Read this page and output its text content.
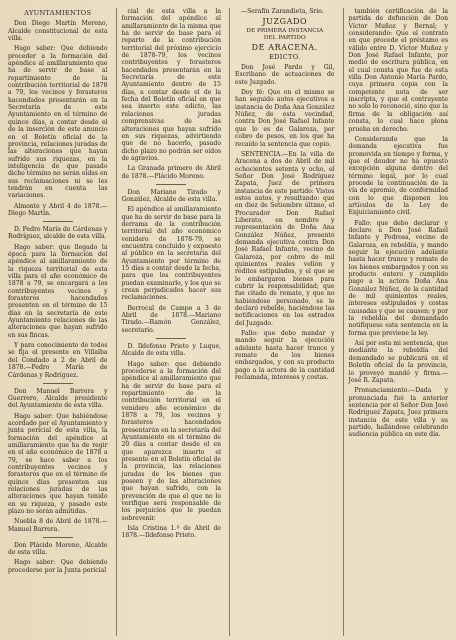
AYUNTAMIENTOS

Don Diego Martín Moreno, Alcalde constitucional de esta villa.

Hago saber: Que debiendo proceder a la formación del apéndice al amillaramiento que ha de servir de base al repartimiento de la contribución territorial de 1878 a 79, los vecinos y forasteros hacendados presentarán en la Secretaría de este Ayuntamiento en el término de quince días, a contar desde el de la inserción de este anuncio en el Boletín oficial de la provincia, relaciones juradas de las alteraciones que hayan sufrido sus riquezas, en la inteligencia de que pasado dicho término no serán oídas en sus reclamaciones ni se les tendrán en cuenta las variaciones.

Almonte y Abril 4 de 1878.— Diego Martín.

D. Pedro María de Cárdenas y Rodríguez, alcalde de esta villa.

Hago saber: que llegado la época para la formación del apéndice al amillaramiento de la riqueza territorial de esta villa para el año económico de 1878 a 79, se encargará a los contribuyentes vecinos y forasteros hacendados presenten en el término de 15 días en la secretaría de este Ayuntamiento relaciones de las alteraciones que hayan sufrido en sus fincas.

Y para conocimiento de todos se fija el presente en Villalba del Condado a 2 de Abril de 1878.—Pedro María de Cárdenas y Rodríguez.

Don Manuel Barrera y Guerrero, Alcalde presidente del Ayuntamiento de esta villa.

Hago saber: Que habiéndose acordado por el Ayuntamiento y junta pericial de esta villa, la formación del apéndice al amillaramiento que ha de regir en el año económico de 1878 a 79, se hace saber a los contribuyentes vecinos y forasteros que en el término de quince días presenten sus relaciones juradas de las alteraciones que hayan tenido en su riqueza, y pasado este plazo no serán admitidas.

Nuebla 8 de Abril de 1878.—Manuel Barrera.

Don Plácido Moreno, Alcalde de esta villa.

Hago saber: Que debiendo procederse por la Junta pericial

cial de esta villa a la formación del apéndice al amillaramiento de la misma que ha de servir de base para el reparto de la contribución territorial del próximo ejercicio de 1878-79, los vecinos contribuyentes y forasteros hacendados presentarán en la Secretaría de este Ayuntamiento dentro de 15 días, a contar desde el de la fecha del Boletín oficial en que sea inserto este edicto, las relaciones juradas comprensivas de las alteraciones que hayan sufrido en sus riquezas, advirtiendo que de no hacerlo, pasado dicho plazo no podrán ser oídos de agravios.

La Granada primero de Abril de 1878.—Plácido Moreno.

Don Mariano Tirado y González, Alcalde de esta villa.

El apéndice al amillaramiento que ha de servir de base para la derrama de la contribución territorial del año económico venidero de 1878-79, se encuentra concluido y expuesto al público en la secretaría del Ayuntamiento por término de 15 días a contar desde la fecha, para que los contribuyentes puedan examinarlo, y los que se crean perjudicados hacer sus reclamaciones.

Berrocal de Campo a 3 de Abril de 1878.—Mariano Tirado.—Ramón González, secretario.

D. Ildefonso Prieto y Luque, Alcalde de esta villa.

Hago saber: que debiendo procederse a la formación del apéndice al amillaramiento que ha de servir de base para el repartimiento de la contribución territorial en el venidero año económico de 1878 a 79, los vecinos y forasteros hacendados presentarán en la secretaría del Ayuntamiento en el término de 20 días a contar desde el en que aparezca inserto el presente en el Boletín oficial de la provincia, las relaciones juradas de los bienes que poseen y de las alteraciones que hayan sufrido, con la prevención de que el que no lo verifique será responsable de los perjuicios que le puedan sobrevenir.

Isla Cristina 1.º de Abril de 1878.—Ildefonso Prieto.

—Serafín Zarandieta, Srio.

JUZGADO
DE PRIMERA INSTANCIA
DEL PARTIDO
DE ARACENA.
EDICTO.

Don José Pardo y Gil, Escribano de actuaciones de este Juzgado.

Doy fé: Que en el mismo se han seguido autos ejecutivos a instancia de Doña Ana González Núñez, de esta vecindad, contra Don José Rafael Infante que lo es de Galaroza, por cobro de pesos, en los que ha recaído la sentencia que copio.

SENTENCIA.—En la villa de Aracena a dos de Abril de mil ochocientos setenta y ocho, el Señor Don José Rodríguez Zapata, Juez de primera instancia de este partido: Vistos estos autos, y resultando: que en diez de Setiembre último, el Procurador Don Rafael Liberato, en nombre y representación de Doña Ana González Núñez, presentó demanda ejecutiva contra Don José Rafael Infante, vecino de Galaroza, por cobro de mil quinientos reales vellón y réditos estipulados, y el que se le embargaron bienes para cubrir la responsabilidad; que fue citado de remate, y que no habiéndose personado, se le declaró rebelde, haciéndose las notificaciones en los estrados del Juzgado.

Fallo: que debo mandar y mando seguir la ejecución adelante hasta hacer trance y remate de los bienes embargados, y con su producto pago a la actora de la cantidad reclamada, intereses y costas.

también certificación de la partida de defunción de Don Víctor Muñoz y Bernal; y considerando: Que el contrato en que procede el préstamo es válido entre D. Víctor Muñoz y Don José Rafael Infante, por medio de escritura pública, en el cual consta que fue de esta villa Don Antonio María Pardo, cuya primera copia con la competente nota de ser inscripta, y que el contrayente no solo lo reconoció, sino que la firma de la obligación así consta, lo cual hace plena prueba en derecho.

Considerando que la demanda ejecutiva fue promovida en tiempo y forma, y que el deudor no ha opuesto excepción alguna dentro del término legal, por lo cual procede la continuación de la vía de apremio, de conformidad con lo que disponen los artículos de la Ley de Enjuiciamiento civil.

Fallo: que debo declarar y declaro a Don José Rafael Infante y Pedrosa, vecino de Galaroza, en rebeldía, y mando seguir la ejecución adelante hasta hacer trance y remate de los bienes embargados y con su producto entero y cumplido pago a la actora Doña Ana González Núñez, de la cantidad de mil quinientos reales, intereses estipulados y costas causadas y que se causen; y por la rebeldía del demandado notifíquese esta sentencia en la forma que previene la ley.

Así por esta mi sentencia, que mediante la rebeldía del demandado se publicará en el Boletín oficial de la provincia, lo proveyó mandó y firma.—José R. Zapata.

Pronunciamiento.—Dada y pronunciada fué la anterior sentencia por el Señor Don José Rodríguez Zapata, Juez primera instancia de este villa y su partido, hallándose celebrando audiencia pública en este día.
